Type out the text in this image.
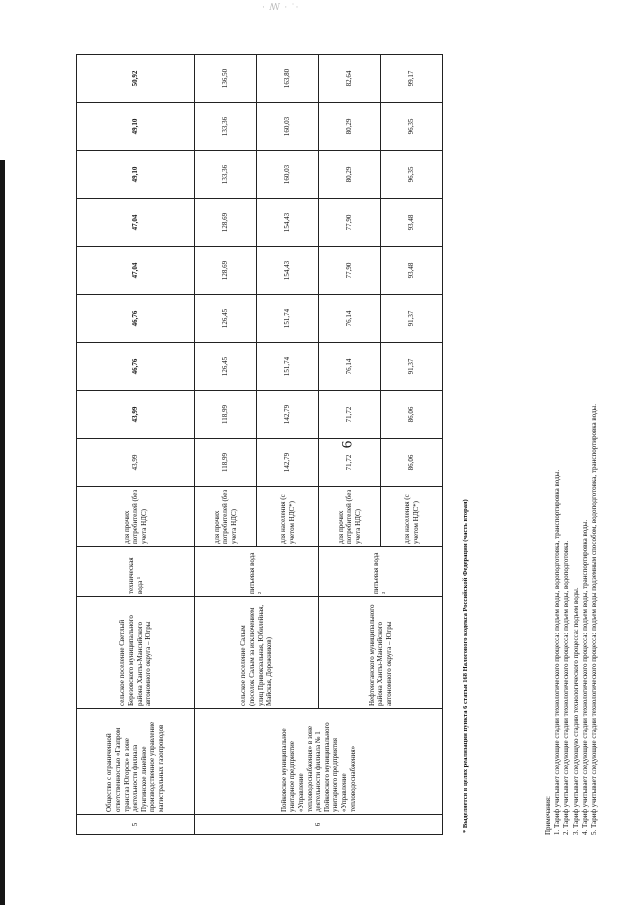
· ꟿ · ˙·
6
5	Общество с ограниченной ответственностью «Газпром трансгаз Югорск» в зоне деятельности филиала Пунгинское линейное производственное управление магистральных газопроводов	сельское поселение Светлый Березовского муниципального района Ханты-Мансийского автономного округа – Югры	техническая вода ¹	для прочих потребителей (без учета НДС)	43,99	43,99	46,76	46,76	47,04	47,04	49,10	49,10	50,92
6	Пойковское муниципальное унитарное предприятие «Управление тепловодоснабжения» в зоне деятельности филиала № 1 Пойковского муниципального унитарного предприятия «Управление тепловодоснабжения»	сельское поселение Салым (поселок Салым за исключением улиц Привокзальная, Юбилейная, Майская, Дорожников)	питьевая вода ²	для прочих потребителей (без учета НДС)	118,99	118,99	126,45	126,45	128,69	128,69	133,36	133,36	136,50
				для населения (с учетом НДС*)	142,79	142,79	151,74	151,74	154,43	154,43	160,03	160,03	163,80
		Нефтеюганского муниципального района Ханты-Мансийского автономного округа – Югры	питьевая вода ³	для прочих потребителей (без учета НДС)	71,72	71,72	76,14	76,14	77,90	77,90	80,29	80,29	82,64
				для населения (с учетом НДС*)	86,06	86,06	91,37	91,37	93,48	93,48	96,35	96,35	99,17
* Выделяется в целях реализации пункта 6 статьи 168 Налогового кодекса Российской Федерации (часть вторая)	Примечания: 1. Тариф учитывает следующие стадии технологического процесса: подъем воды, водоподготовка, транспортировка воды. 2. Тариф учитывает следующие стадии технологического процесса: подъем воды, водоподготовка. 3. Тариф учитывает следующую стадию технологического процесса: подъем воды. 4. Тариф учитывает следующие стадии технологического процесса: подъем воды, транспортировка воды. 5. Тариф учитывает следующие стадии технологического процесса: подъем воды подземным способом, водоподготовка, транспортировка воды.
